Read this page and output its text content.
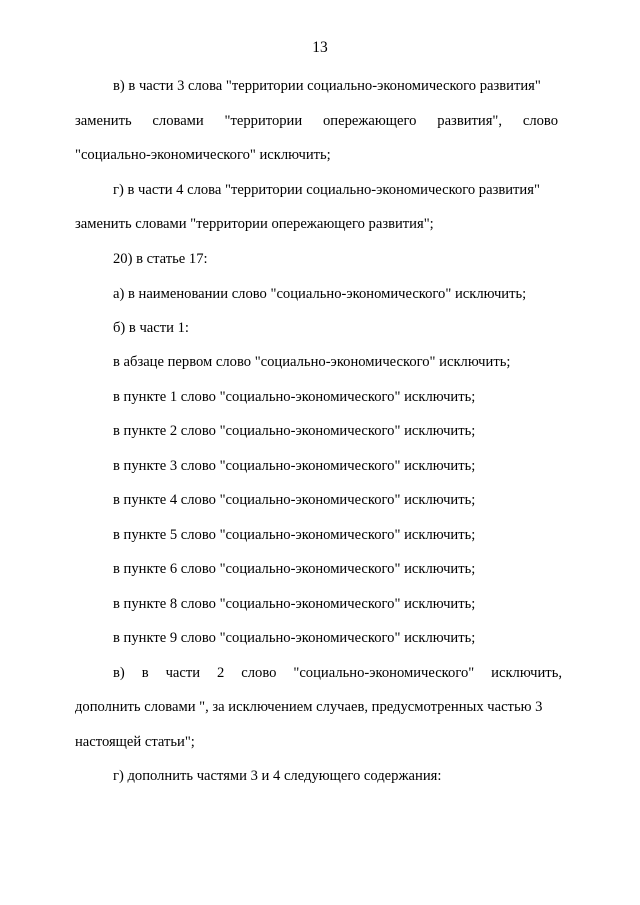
13
в) в части 3 слова "территории социально-экономического развития"
заменить словами "территории опережающего развития", слово
"социально-экономического" исключить;
г) в части 4 слова "территории социально-экономического развития"
заменить словами "территории опережающего развития";
20) в статье 17:
а) в наименовании слово "социально-экономического" исключить;
б) в части 1:
в абзаце первом слово "социально-экономического" исключить;
в пункте 1 слово "социально-экономического" исключить;
в пункте 2 слово "социально-экономического" исключить;
в пункте 3 слово "социально-экономического" исключить;
в пункте 4 слово "социально-экономического" исключить;
в пункте 5 слово "социально-экономического" исключить;
в пункте 6 слово "социально-экономического" исключить;
в пункте 8 слово "социально-экономического" исключить;
в пункте 9 слово "социально-экономического" исключить;
в) в части 2 слово "социально-экономического" исключить,
дополнить словами ", за исключением случаев, предусмотренных частью 3
настоящей статьи";
г) дополнить частями 3 и 4 следующего содержания:
